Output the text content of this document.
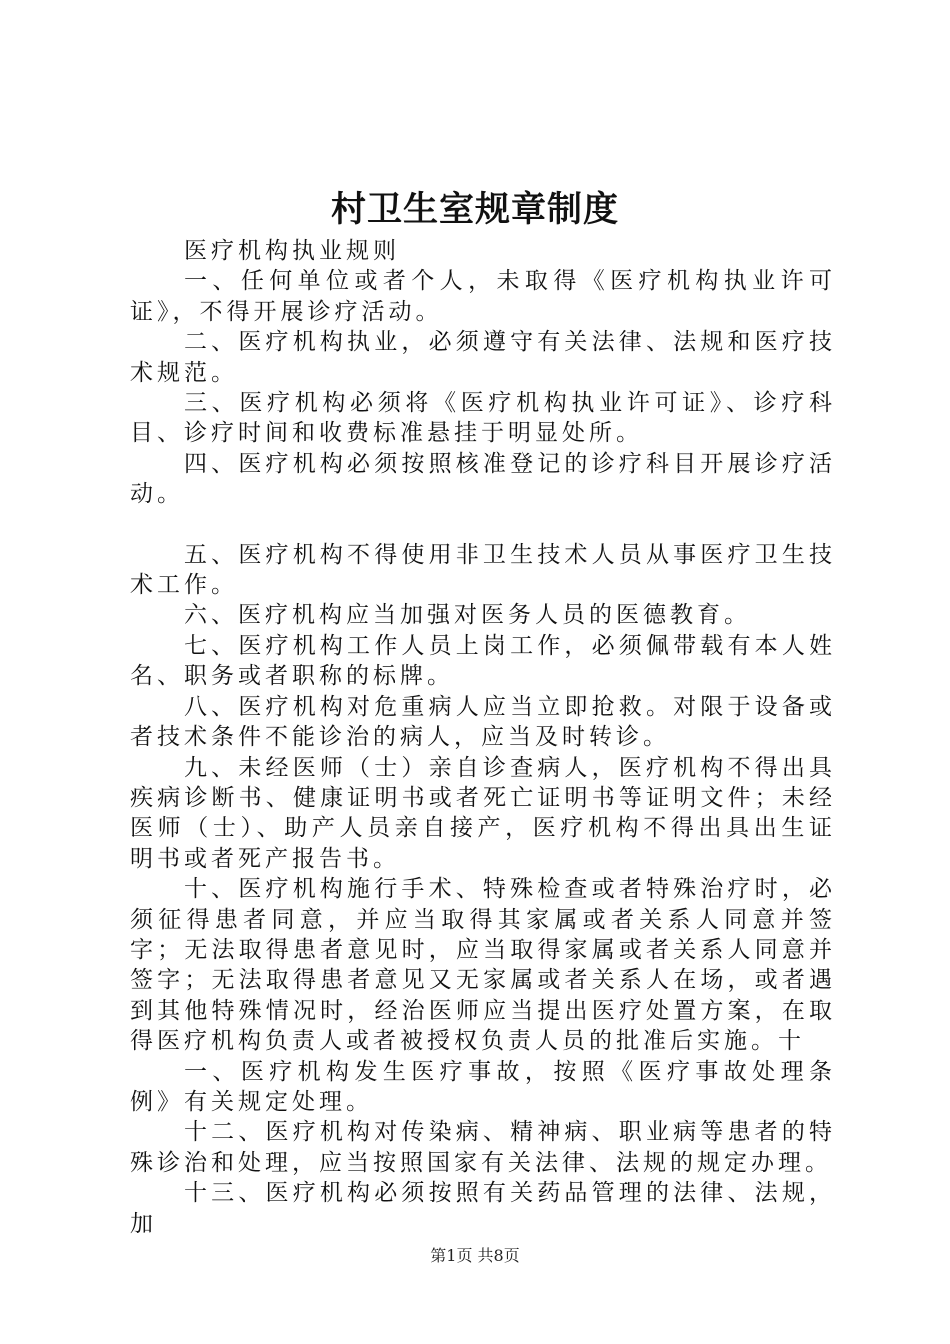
村卫生室规章制度

医疗机构执业规则

一、任何单位或者个人，未取得《医疗机构执业许可证》，不得开展诊疗活动。

二、医疗机构执业，必须遵守有关法律、法规和医疗技术规范。

三、医疗机构必须将《医疗机构执业许可证》、诊疗科目、诊疗时间和收费标准悬挂于明显处所。

四、医疗机构必须按照核准登记的诊疗科目开展诊疗活动。

五、医疗机构不得使用非卫生技术人员从事医疗卫生技术工作。

六、医疗机构应当加强对医务人员的医德教育。

七、医疗机构工作人员上岗工作，必须佩带载有本人姓名、职务或者职称的标牌。

八、医疗机构对危重病人应当立即抢救。对限于设备或者技术条件不能诊治的病人，应当及时转诊。

九、未经医师（士）亲自诊查病人，医疗机构不得出具疾病诊断书、健康证明书或者死亡证明书等证明文件；未经医师（士）、助产人员亲自接产，医疗机构不得出具出生证明书或者死产报告书。

十、医疗机构施行手术、特殊检查或者特殊治疗时，必须征得患者同意，并应当取得其家属或者关系人同意并签字；无法取得患者意见时，应当取得家属或者关系人同意并签字；无法取得患者意见又无家属或者关系人在场，或者遇到其他特殊情况时，经治医师应当提出医疗处置方案，在取得医疗机构负责人或者被授权负责人员的批准后实施。十

一、医疗机构发生医疗事故，按照《医疗事故处理条例》有关规定处理。

十二、医疗机构对传染病、精神病、职业病等患者的特殊诊治和处理，应当按照国家有关法律、法规的规定办理。

十三、医疗机构必须按照有关药品管理的法律、法规，加

第1页 共8页
